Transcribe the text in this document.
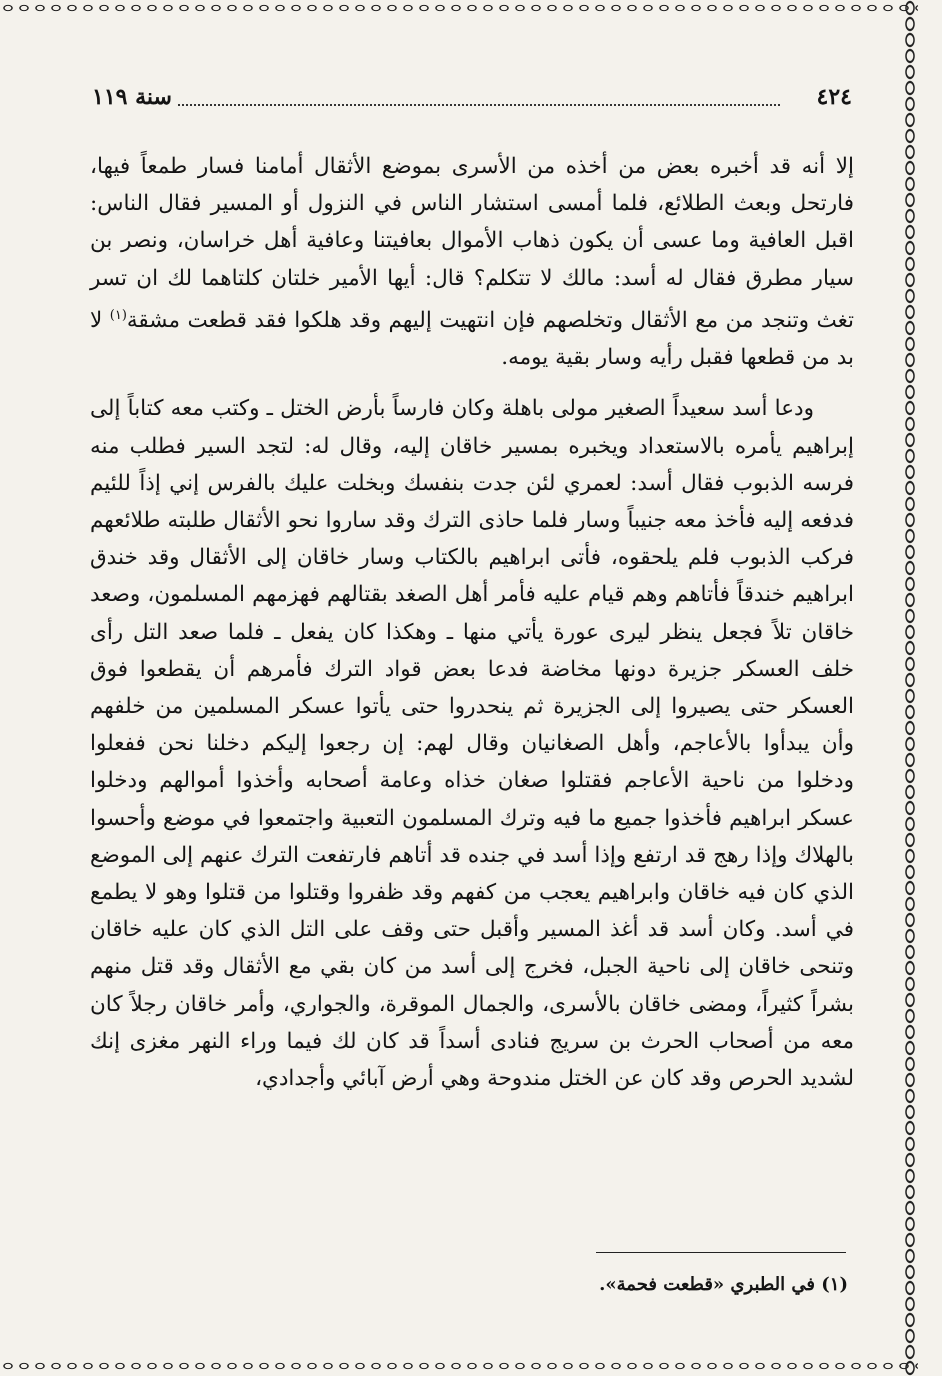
٤٢٤
سنة ١١٩

إلا أنه قد أخبره بعض من أخذه من الأسرى بموضع الأثقال أمامنا فسار طمعاً فيها، فارتحل وبعث الطلائع، فلما أمسى استشار الناس في النزول أو المسير فقال الناس: اقبل العافية وما عسى أن يكون ذهاب الأموال بعافيتنا وعافية أهل خراسان، ونصر بن سيار مطرق فقال له أسد: مالك لا تتكلم؟ قال: أيها الأمير خلتان كلتاهما لك ان تسر تغث وتنجد من مع الأثقال وتخلصهم فإن انتهيت إليهم وقد هلكوا فقد قطعت مشقة$^{(١)}$ لا بد من قطعها فقبل رأيه وسار بقية يومه.

ودعا أسد سعيداً الصغير مولى باهلة وكان فارساً بأرض الختل ـ وكتب معه كتاباً إلى إبراهيم يأمره بالاستعداد ويخبره بمسير خاقان إليه، وقال له: لتجد السير فطلب منه فرسه الذبوب فقال أسد: لعمري لئن جدت بنفسك وبخلت عليك بالفرس إني إذاً للئيم فدفعه إليه فأخذ معه جنيباً وسار فلما حاذى الترك وقد ساروا نحو الأثقال طلبته طلائعهم فركب الذبوب فلم يلحقوه، فأتى ابراهيم بالكتاب وسار خاقان إلى الأثقال وقد خندق ابراهيم خندقاً فأتاهم وهم قيام عليه فأمر أهل الصغد بقتالهم فهزمهم المسلمون، وصعد خاقان تلاً فجعل ينظر ليرى عورة يأتي منها ـ وهكذا كان يفعل ـ فلما صعد التل رأى خلف العسكر جزيرة دونها مخاضة فدعا بعض قواد الترك فأمرهم أن يقطعوا فوق العسكر حتى يصيروا إلى الجزيرة ثم ينحدروا حتى يأتوا عسكر المسلمين من خلفهم وأن يبدأوا بالأعاجم، وأهل الصغانيان وقال لهم: إن رجعوا إليكم دخلنا نحن ففعلوا ودخلوا من ناحية الأعاجم فقتلوا صغان خذاه وعامة أصحابه وأخذوا أموالهم ودخلوا عسكر ابراهيم فأخذوا جميع ما فيه وترك المسلمون التعبية واجتمعوا في موضع وأحسوا بالهلاك وإذا رهج قد ارتفع وإذا أسد في جنده قد أتاهم فارتفعت الترك عنهم إلى الموضع الذي كان فيه خاقان وابراهيم يعجب من كفهم وقد ظفروا وقتلوا من قتلوا وهو لا يطمع في أسد. وكان أسد قد أغذ المسير وأقبل حتى وقف على التل الذي كان عليه خاقان وتنحى خاقان إلى ناحية الجبل، فخرج إلى أسد من كان بقي مع الأثقال وقد قتل منهم بشراً كثيراً، ومضى خاقان بالأسرى، والجمال الموقرة، والجواري، وأمر خاقان رجلاً كان معه من أصحاب الحرث بن سريج فنادى أسداً قد كان لك فيما وراء النهر مغزى إنك لشديد الحرص وقد كان عن الختل مندوحة وهي أرض آبائي وأجدادي،

(١) في الطبري «قطعت فحمة».
